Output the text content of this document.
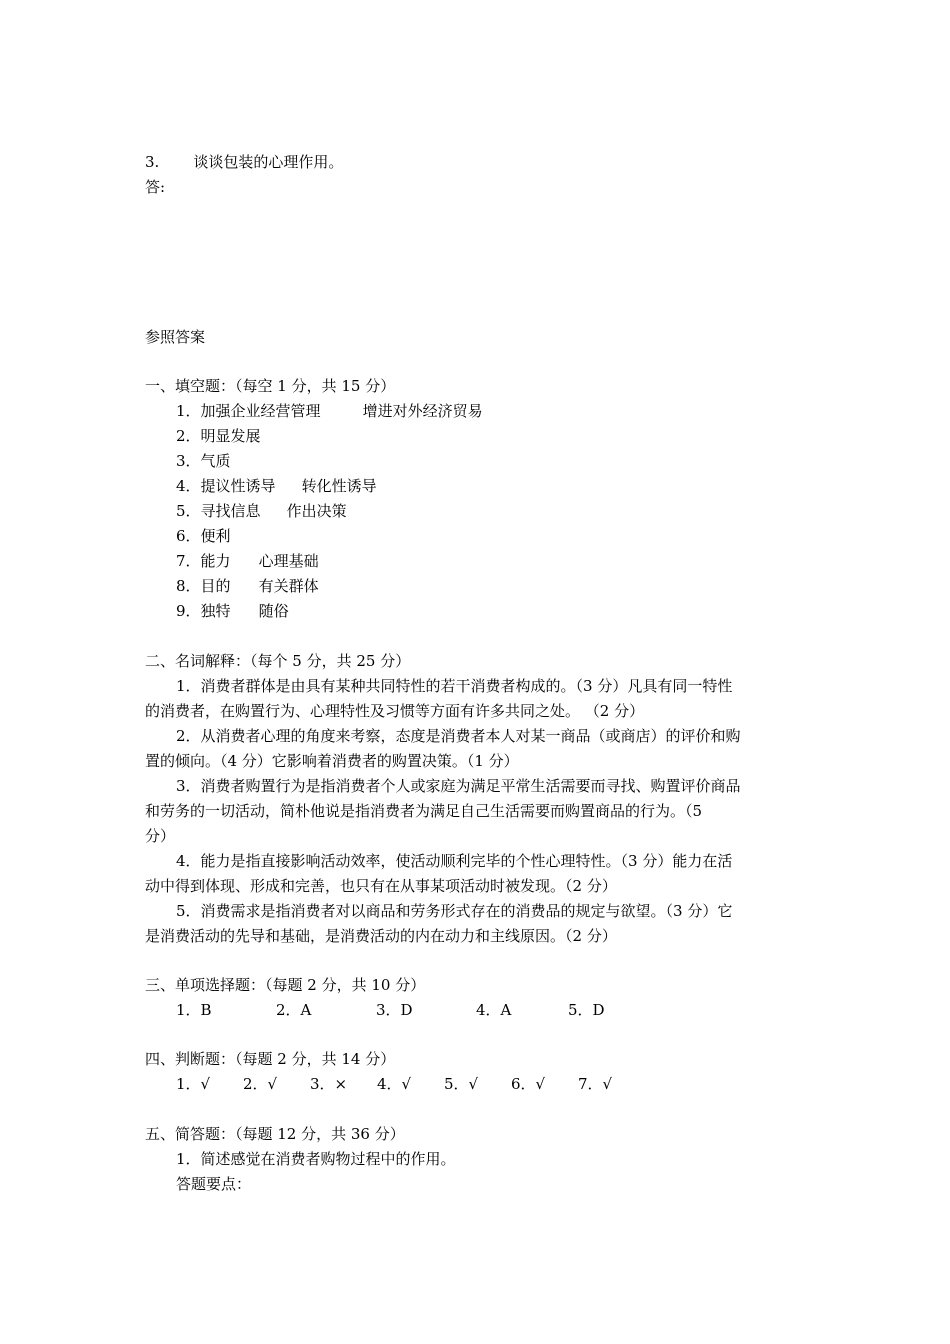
3. 谈谈包装的心理作用。
答:
参照答案
一、填空题：（每空 1 分，共 15 分）
1．加强企业经营管理	增进对外经济贸易
2．明显发展
3．气质
4．提议性诱导 转化性诱导
5．寻找信息 作出决策
6．便利
7．能力 心理基础
8．目的 有关群体
9．独特 随俗
二、名词解释：（每个 5 分，共 25 分）
1．消费者群体是由具有某种共同特性的若干消费者构成的。（3 分）凡具有同一特性
的消费者，在购置行为、心理特性及习惯等方面有许多共同之处。 （2 分）
2．从消费者心理的角度来考察，态度是消费者本人对某一商品（或商店）的评价和购
置的倾向。（4 分）它影响着消费者的购置决策。（1 分）
3．消费者购置行为是指消费者个人或家庭为满足平常生活需要而寻找、购置评价商品
和劳务的一切活动，简朴他说是指消费者为满足自己生活需要而购置商品的行为。（5
分）
4．能力是指直接影响活动效率，使活动顺利完毕的个性心理特性。（3 分）能力在活
动中得到体现、形成和完善，也只有在从事某项活动时被发现。（2 分）
5．消费需求是指消费者对以商品和劳务形式存在的消费品的规定与欲望。（3 分）它
是消费活动的先导和基础，是消费活动的内在动力和主线原因。（2 分）
三、单项选择题：（每题 2 分，共 10 分）
1．B	2．A	3．D	4．A	5．D
四、判断题：（每题 2 分，共 14 分）
1．√ 2．√ 3．× 4．√ 5．√ 6．√ 7．√
五、简答题：（每题 12 分，共 36 分）
1．简述感觉在消费者购物过程中的作用。
答题要点：
